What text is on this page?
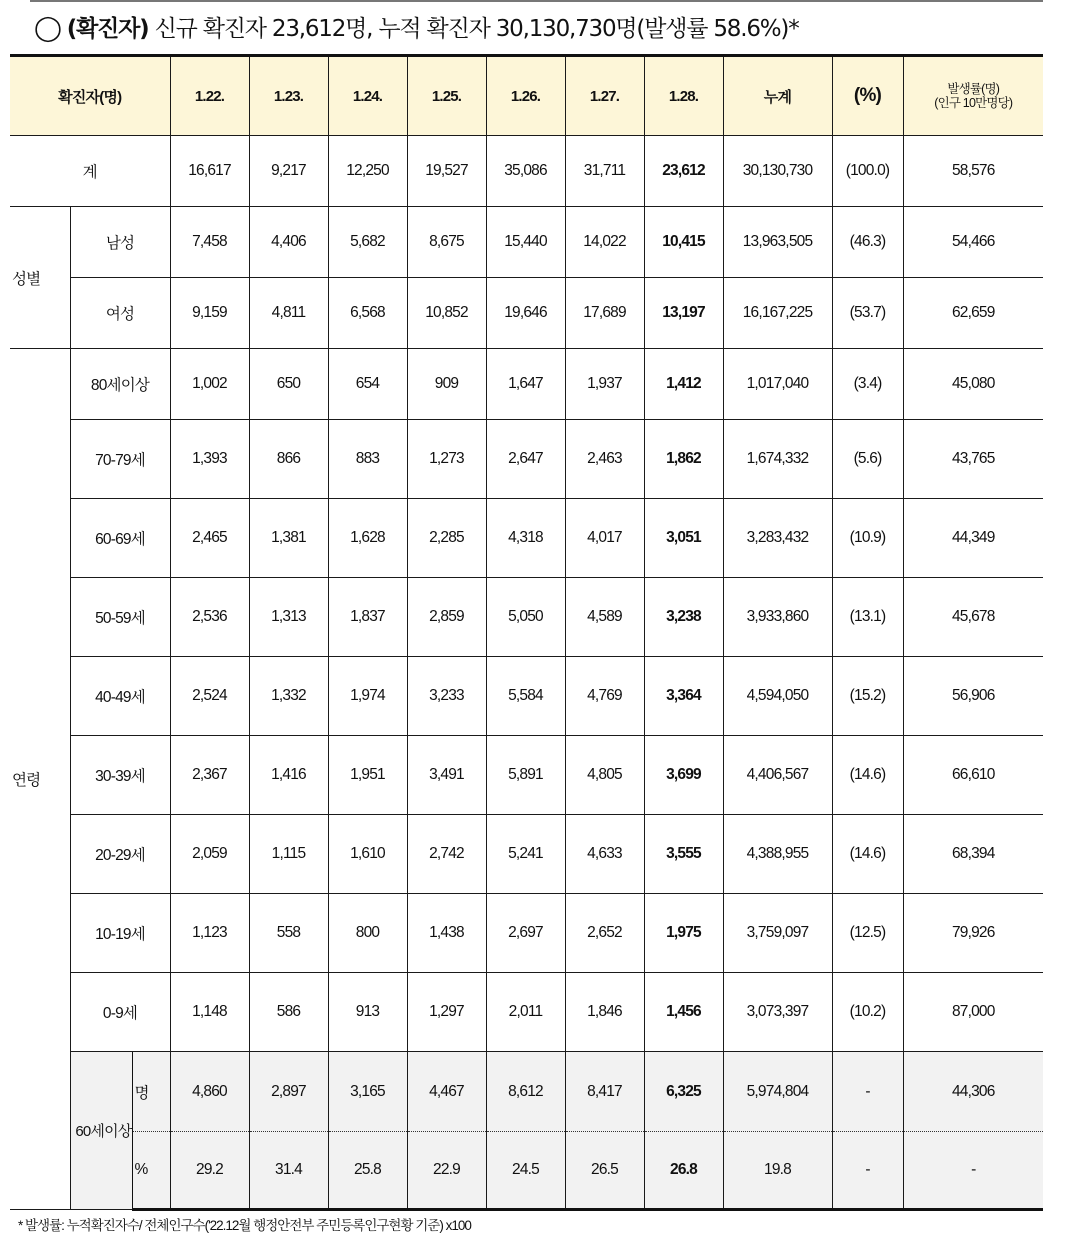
◯ (확진자) 신규 확진자 23,612명, 누적 확진자 30,130,730명(발생률 58.6%)*
확진자(명)			1.22.	1.23.	1.24.	1.25.	1.26.	1.27.	1.28.	누계	(%)	발생률(명)
(인구 10만명당)

계			16,617	9,217	12,250	19,527	35,086	31,711	23,612	30,130,730	(100.0)	58,576
성별	남성		7,458	4,406	5,682	8,675	15,440	14,022	10,415	13,963,505	(46.3)	54,466
	여성		9,159	4,811	6,568	10,852	19,646	17,689	13,197	16,167,225	(53.7)	62,659
연령	80세이상		1,002	650	654	909	1,647	1,937	1,412	1,017,040	(3.4)	45,080
	70-79세		1,393	866	883	1,273	2,647	2,463	1,862	1,674,332	(5.6)	43,765
	60-69세		2,465	1,381	1,628	2,285	4,318	4,017	3,051	3,283,432	(10.9)	44,349
	50-59세		2,536	1,313	1,837	2,859	5,050	4,589	3,238	3,933,860	(13.1)	45,678
	40-49세		2,524	1,332	1,974	3,233	5,584	4,769	3,364	4,594,050	(15.2)	56,906
	30-39세		2,367	1,416	1,951	3,491	5,891	4,805	3,699	4,406,567	(14.6)	66,610
	20-29세		2,059	1,115	1,610	2,742	5,241	4,633	3,555	4,388,955	(14.6)	68,394
	10-19세		1,123	558	800	1,438	2,697	2,652	1,975	3,759,097	(12.5)	79,926
	0-9세		1,148	586	913	1,297	2,011	1,846	1,456	3,073,397	(10.2)	87,000
	60세이상	명	4,860	2,897	3,165	4,467	8,612	8,417	6,325	5,974,804	-	44,306
		%	29.2	31.4	25.8	22.9	24.5	26.5	26.8	19.8	-	-
* 발생률: 누적확진자수/ 전체인구수('22.12월 행정안전부 주민등록인구현황 기준) x100
